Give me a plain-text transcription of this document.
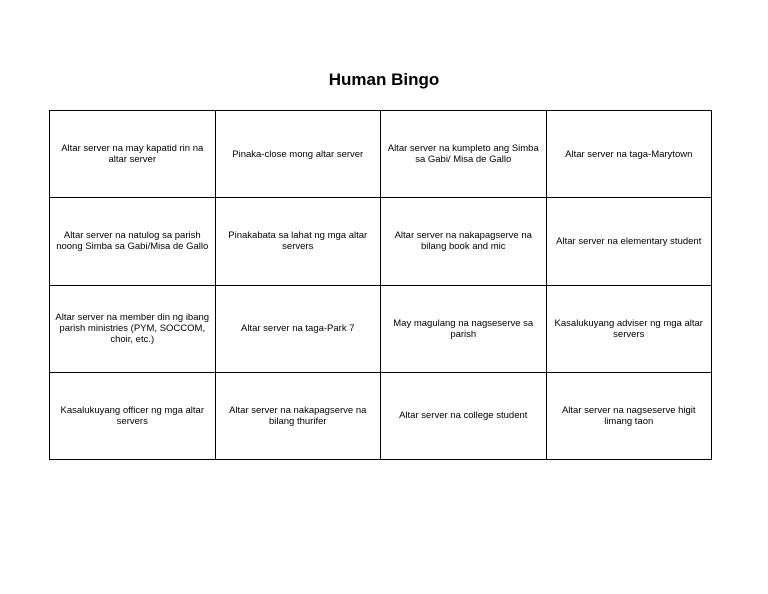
Human Bingo
Altar server na may kapatid rin na altar server	Pinaka-close mong altar server	Altar server na kumpleto ang Simba sa Gabi/ Misa de Gallo	Altar server na taga-Marytown
Altar server na natulog sa parish noong Simba sa Gabi/Misa de Gallo	Pinakabata sa lahat ng mga altar servers	Altar server na nakapagserve na bilang book and mic	Altar server na elementary student
Altar server na member din ng ibang parish ministries (PYM, SOCCOM, choir, etc.)	Altar server na taga-Park 7	May magulang na nagseserve sa parish	Kasalukuyang adviser ng mga altar servers
Kasalukuyang officer ng mga altar servers	Altar server na nakapagserve na bilang thurifer	Altar server na college student	Altar server na nagseserve higit limang taon
